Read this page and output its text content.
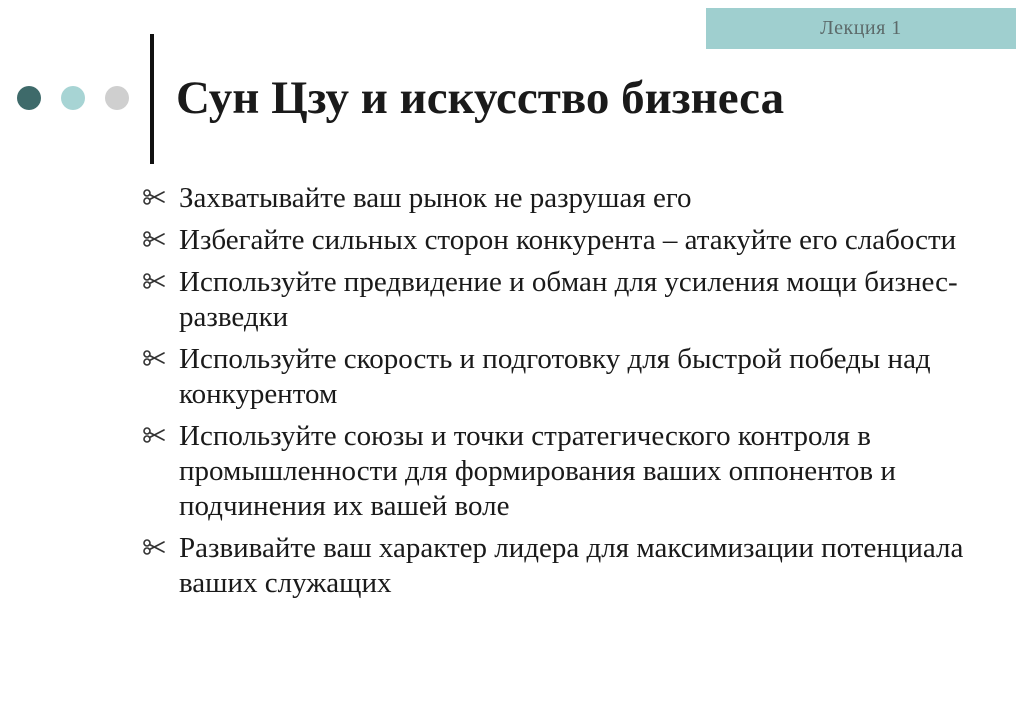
Лекция 1
Сун Цзу и искусство бизнеса
Захватывайте ваш рынок не разрушая его
Избегайте сильных сторон конкурента – атакуйте его слабости
Используйте предвидение и обман для усиления мощи бизнес-разведки
Используйте скорость и подготовку для быстрой победы над конкурентом
Используйте союзы и точки стратегического контроля в промышленности для формирования ваших оппонентов и подчинения их вашей воле
Развивайте ваш характер лидера для максимизации потенциала ваших служащих
